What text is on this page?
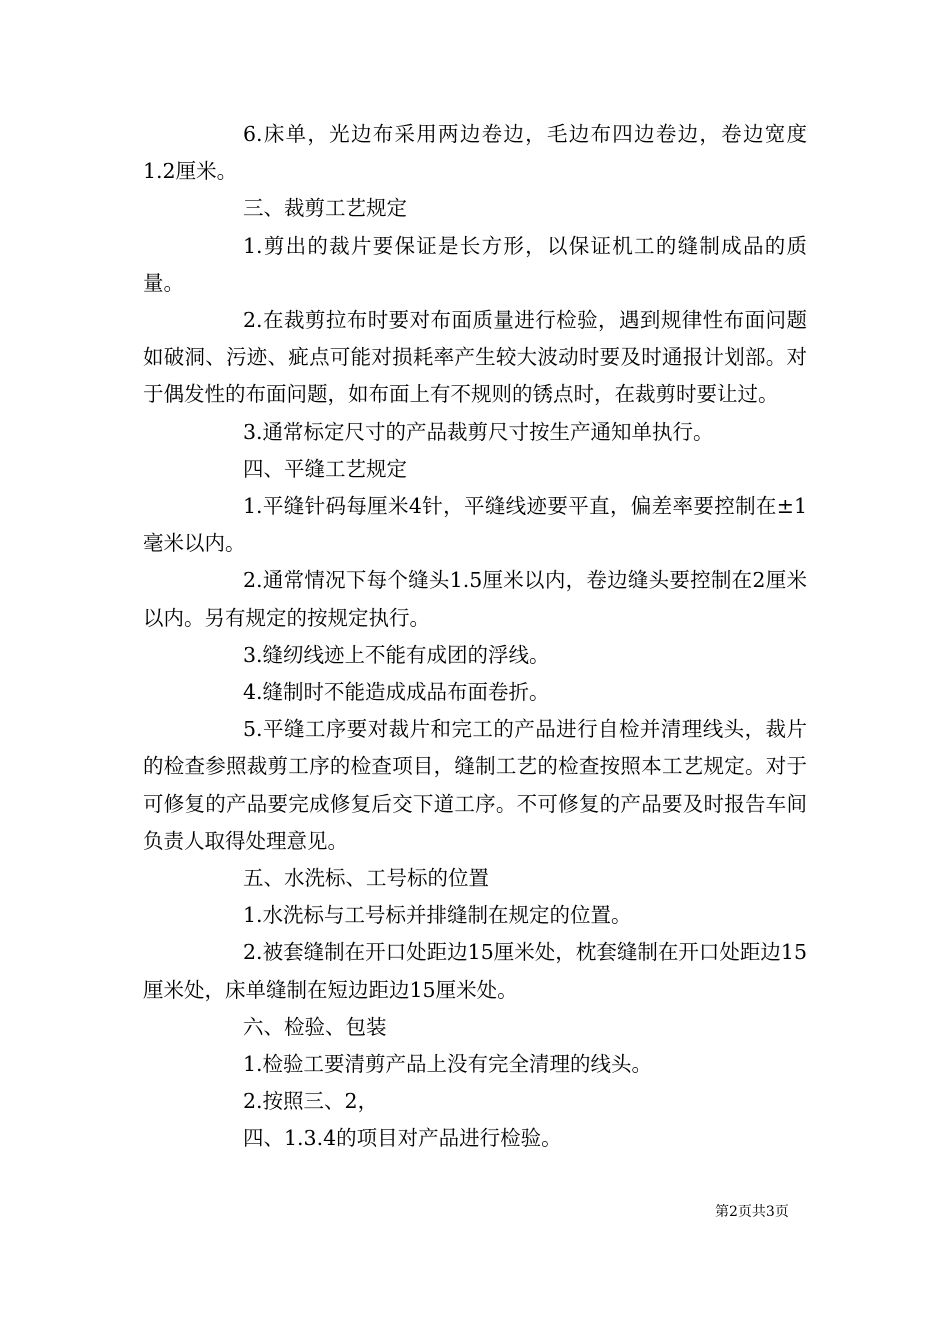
6.床单，光边布采用两边卷边，毛边布四边卷边，卷边宽度1.2厘米。

三、裁剪工艺规定

1.剪出的裁片要保证是长方形，以保证机工的缝制成品的质量。

2.在裁剪拉布时要对布面质量进行检验，遇到规律性布面问题如破洞、污迹、疵点可能对损耗率产生较大波动时要及时通报计划部。对于偶发性的布面问题，如布面上有不规则的锈点时，在裁剪时要让过。

3.通常标定尺寸的产品裁剪尺寸按生产通知单执行。

四、平缝工艺规定

1.平缝针码每厘米4针，平缝线迹要平直，偏差率要控制在±1毫米以内。

2.通常情况下每个缝头1.5厘米以内，卷边缝头要控制在2厘米以内。另有规定的按规定执行。

3.缝纫线迹上不能有成团的浮线。

4.缝制时不能造成成品布面卷折。

5.平缝工序要对裁片和完工的产品进行自检并清理线头，裁片的检查参照裁剪工序的检查项目，缝制工艺的检查按照本工艺规定。对于可修复的产品要完成修复后交下道工序。不可修复的产品要及时报告车间负责人取得处理意见。

五、水洗标、工号标的位置

1.水洗标与工号标并排缝制在规定的位置。

2.被套缝制在开口处距边15厘米处，枕套缝制在开口处距边15厘米处，床单缝制在短边距边15厘米处。

六、检验、包装

1.检验工要清剪产品上没有完全清理的线头。

2.按照三、2，

四、1.3.4的项目对产品进行检验。

第2页共3页
